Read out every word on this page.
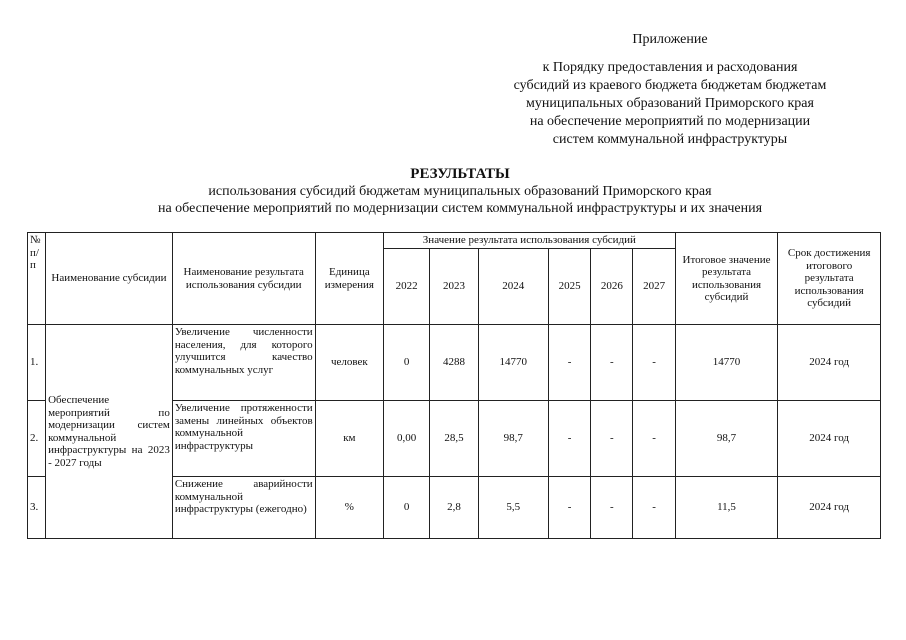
Приложение
к Порядку предоставления и расходования
субсидий из краевого бюджета бюджетам бюджетам
муниципальных образований Приморского края
на обеспечение мероприятий по модернизации
систем коммунальной инфраструктуры
РЕЗУЛЬТАТЫ
использования субсидий бюджетам муниципальных образований Приморского края
на обеспечение мероприятий по модернизации систем коммунальной инфраструктуры и их значения
№ п/п	Наименование субсидии	Наименование результата использования субсидии	Единица измерения	Значение результата использования субсидий						Итоговое значение результата использования субсидий	Срок достижения итогового результата использования субсидий
				2022	2023	2024	2025	2026	2027		
1.	Обеспечение мероприятий по модернизации систем коммунальной инфраструктуры на 2023 - 2027 годы	Увеличение численности населения, для которого улучшится качество коммунальных услуг	человек	0	4288	14770	-	-	-	14770	2024 год
2.		Увеличение протяженности замены линейных объектов коммунальной инфраструктуры	км	0,00	28,5	98,7	-	-	-	98,7	2024 год
3.		Снижение аварийности коммунальной инфраструктуры (ежегодно)	%	0	2,8	5,5	-	-	-	11,5	2024 год
